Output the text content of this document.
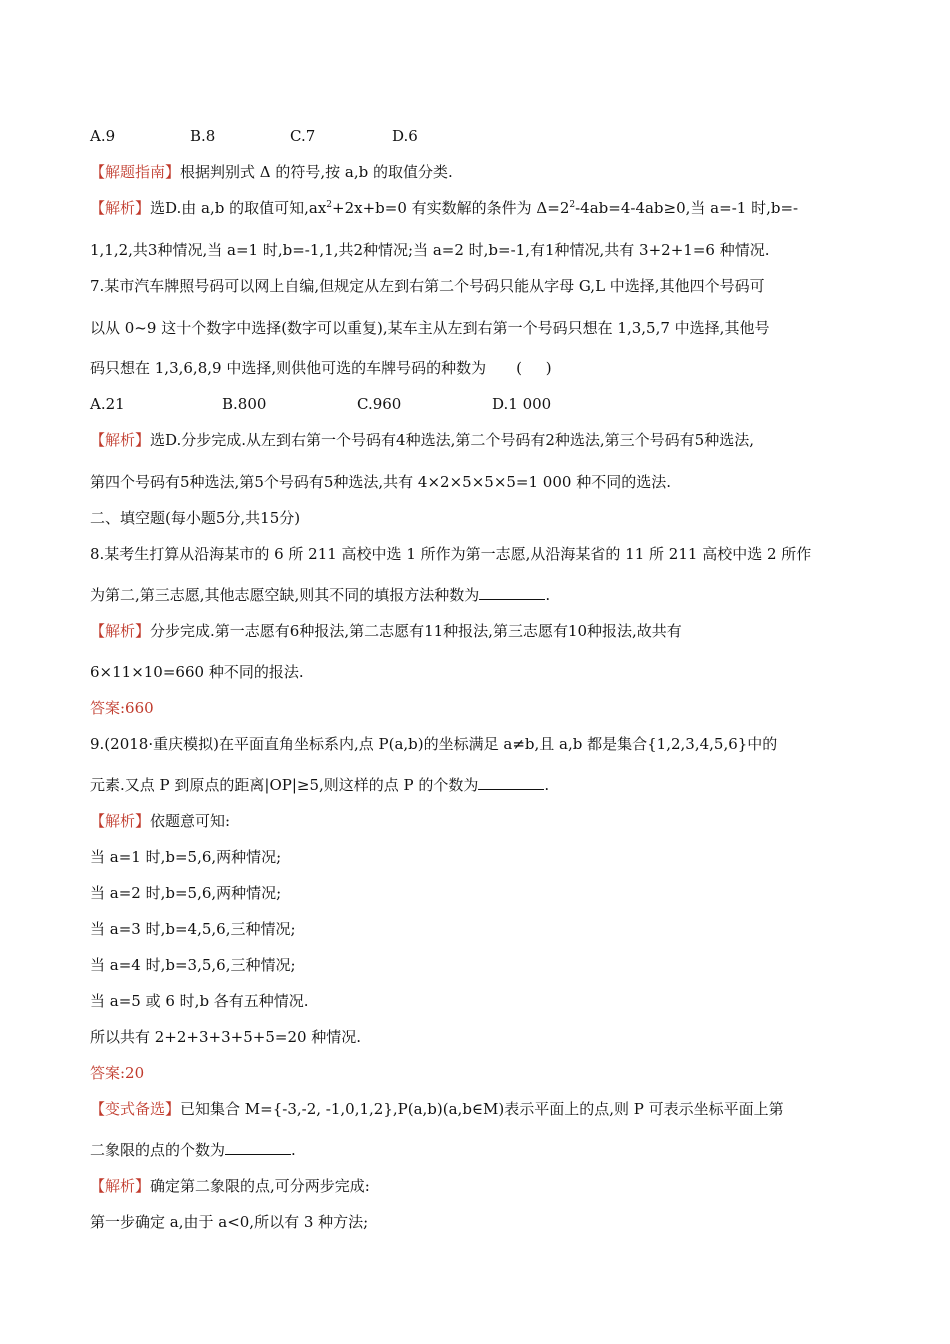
A.9	B.8	C.7	D.6
【解题指南】根据判别式 Δ 的符号,按 a,b 的取值分类.
【解析】选D.由 a,b 的取值可知$,ax^2+2x+b=0$ 有实数解的条件为 $\Delta=2^2-4ab=4-4ab\ge 0$,当 a=-1 时,b=-
1,1,2,共3种情况,当 a=1 时,b=-1,1,共2种情况;当 a=2 时,b=-1,有1种情况,共有 3+2+1=6 种情况.
7.某市汽车牌照号码可以网上自编,但规定从左到右第二个号码只能从字母 G,L 中选择,其他四个号码可
以从 0~9 这十个数字中选择(数字可以重复),某车主从左到右第一个号码只想在 1,3,5,7 中选择,其他号
码只想在 1,3,6,8,9 中选择,则供他可选的车牌号码的种数为 (     )
A.21	B.800	C.960	D.1 000
【解析】选D.分步完成.从左到右第一个号码有4种选法,第二个号码有2种选法,第三个号码有5种选法,
第四个号码有5种选法,第5个号码有5种选法,共有 4×2×5×5×5=1 000 种不同的选法.
二、填空题(每小题5分,共15分)
8.某考生打算从沿海某市的 6 所 211 高校中选 1 所作为第一志愿,从沿海某省的 11 所 211 高校中选 2 所作
为第二,第三志愿,其他志愿空缺,则其不同的填报方法种数为	.
【解析】分步完成.第一志愿有6种报法,第二志愿有11种报法,第三志愿有10种报法,故共有
6×11×10=660 种不同的报法.
答案:660
9.(2018·重庆模拟)在平面直角坐标系内,点 P(a,b)的坐标满足 a≠b,且 a,b 都是集合{1,2,3,4,5,6}中的
元素.又点 P 到原点的距离|OP|≥5,则这样的点 P 的个数为	.
【解析】依题意可知:
当 a=1 时,b=5,6,两种情况;
当 a=2 时,b=5,6,两种情况;
当 a=3 时,b=4,5,6,三种情况;
当 a=4 时,b=3,5,6,三种情况;
当 a=5 或 6 时,b 各有五种情况.
所以共有 2+2+3+3+5+5=20 种情况.
答案:20
【变式备选】已知集合 M={-3,-2, -1,0,1,2},P(a,b)(a,b∈M)表示平面上的点,则 P 可表示坐标平面上第
二象限的点的个数为	.
【解析】确定第二象限的点,可分两步完成:
第一步确定 a,由于 a<0,所以有 3 种方法;
